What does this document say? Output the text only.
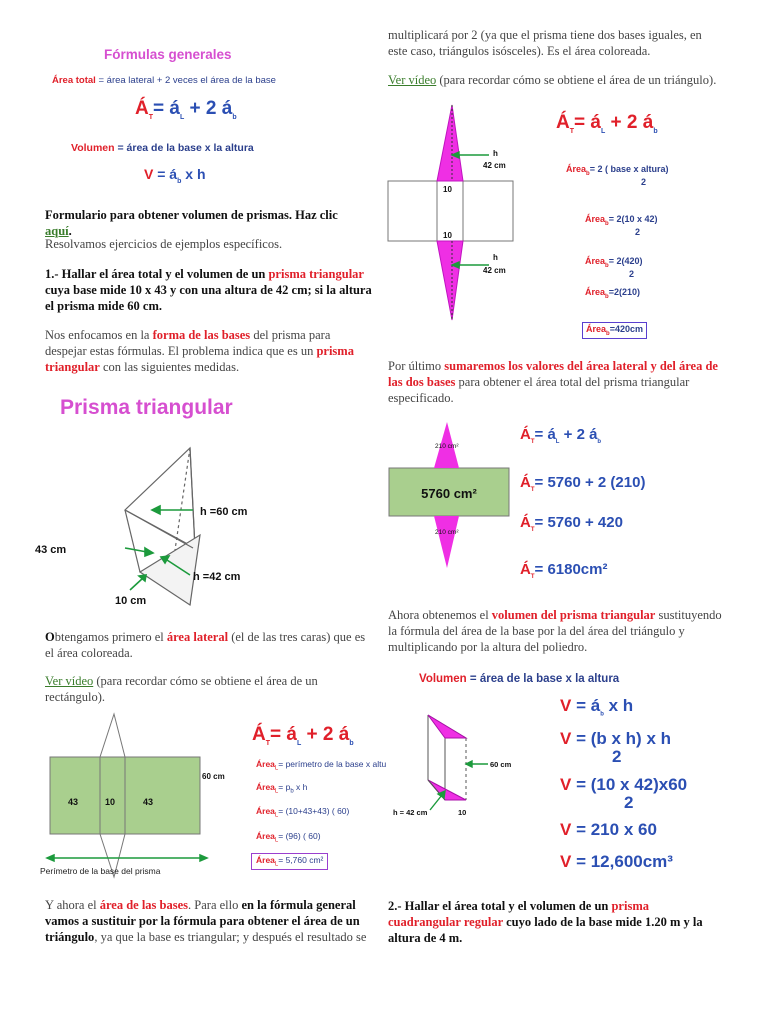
Fórmulas generales
Área total = área lateral + 2 veces el área de la base
$Á_T=$ $á_L + 2$ $á_b$
Volumen = área de la base x la altura
$V = á_b$ x h
Formulario para obtener volumen de prismas. Haz clic aquí.
Resolvamos ejercicios de ejemplos específicos.
1.- Hallar el área total y el volumen de un prisma triangular cuya base mide 10 x 43 y con una altura de 42 cm; si la altura el prisma mide 60 cm.
Nos enfocamos en la forma de las bases del prisma para despejar estas fórmulas. El problema indica que es un prisma triangular con las siguientes medidas.
Prisma triangular
h =60 cm
43 cm
h =42 cm
10 cm
Obtengamos primero el área lateral (el de las tres caras) que es el área coloreada.
Ver vídeo (para recordar cómo se obtiene el área de un rectángulo).
43	10	43
60 cm
Perímetro de la base del prisma
$Á_T=$ $á_L + 2$ $á_b$
Área$_L$= perímetro de la base x altu
Área$_L$= $p_b$ x h
Área$_L$= (10+43+43) ( 60)
Área$_L$= (96) ( 60)
Área$_L$= 5,760 cm²
Y ahora el área de las bases. Para ello en la fórmula general vamos a sustituir por la fórmula para obtener el área de un triángulo, ya que la base es triangular; y después el resultado se
multiplicará por 2 (ya que el prisma tiene dos bases iguales, en este caso, triángulos isósceles). Es el área coloreada.
Ver vídeo (para recordar cómo se obtiene el área de un triángulo).
10
10
h
42 cm
h
42 cm
$Á_T=$ $á_L + 2$ $á_b$
Área$_b$= 2 ( base x altura)
2
Área$_b$= 2(10 x 42)
2
Área$_b$= 2(420)
2
Área$_b$=2(210)
Área$_b$=420cm
Por último sumaremos los valores del área lateral y del área de las dos bases para obtener el área total del prisma triangular especificado.
5760 cm²
210 cm²
210 cm²
$Á_T=$ $á_L + 2$ $á_b$
$Á_T= 5760 + 2$ (210)
$Á_T= 5760 + 420$
$Á_T= 6180cm^2$
Ahora obtenemos el volumen del prisma triangular sustituyendo la fórmula del área de la base por la del área del triángulo y multiplicando por la altura del poliedro.
Volumen = área de la base x la altura
60 cm
h = 42 cm	10
$V = á_b$ x h
V = (b x h) x h
2
V = (10 x 42)x60
2
V = 210 x 60
V = 12,600cm³
2.- Hallar el área total y el volumen de un prisma cuadrangular regular cuyo lado de la base mide 1.20 m y la altura de 4 m.
